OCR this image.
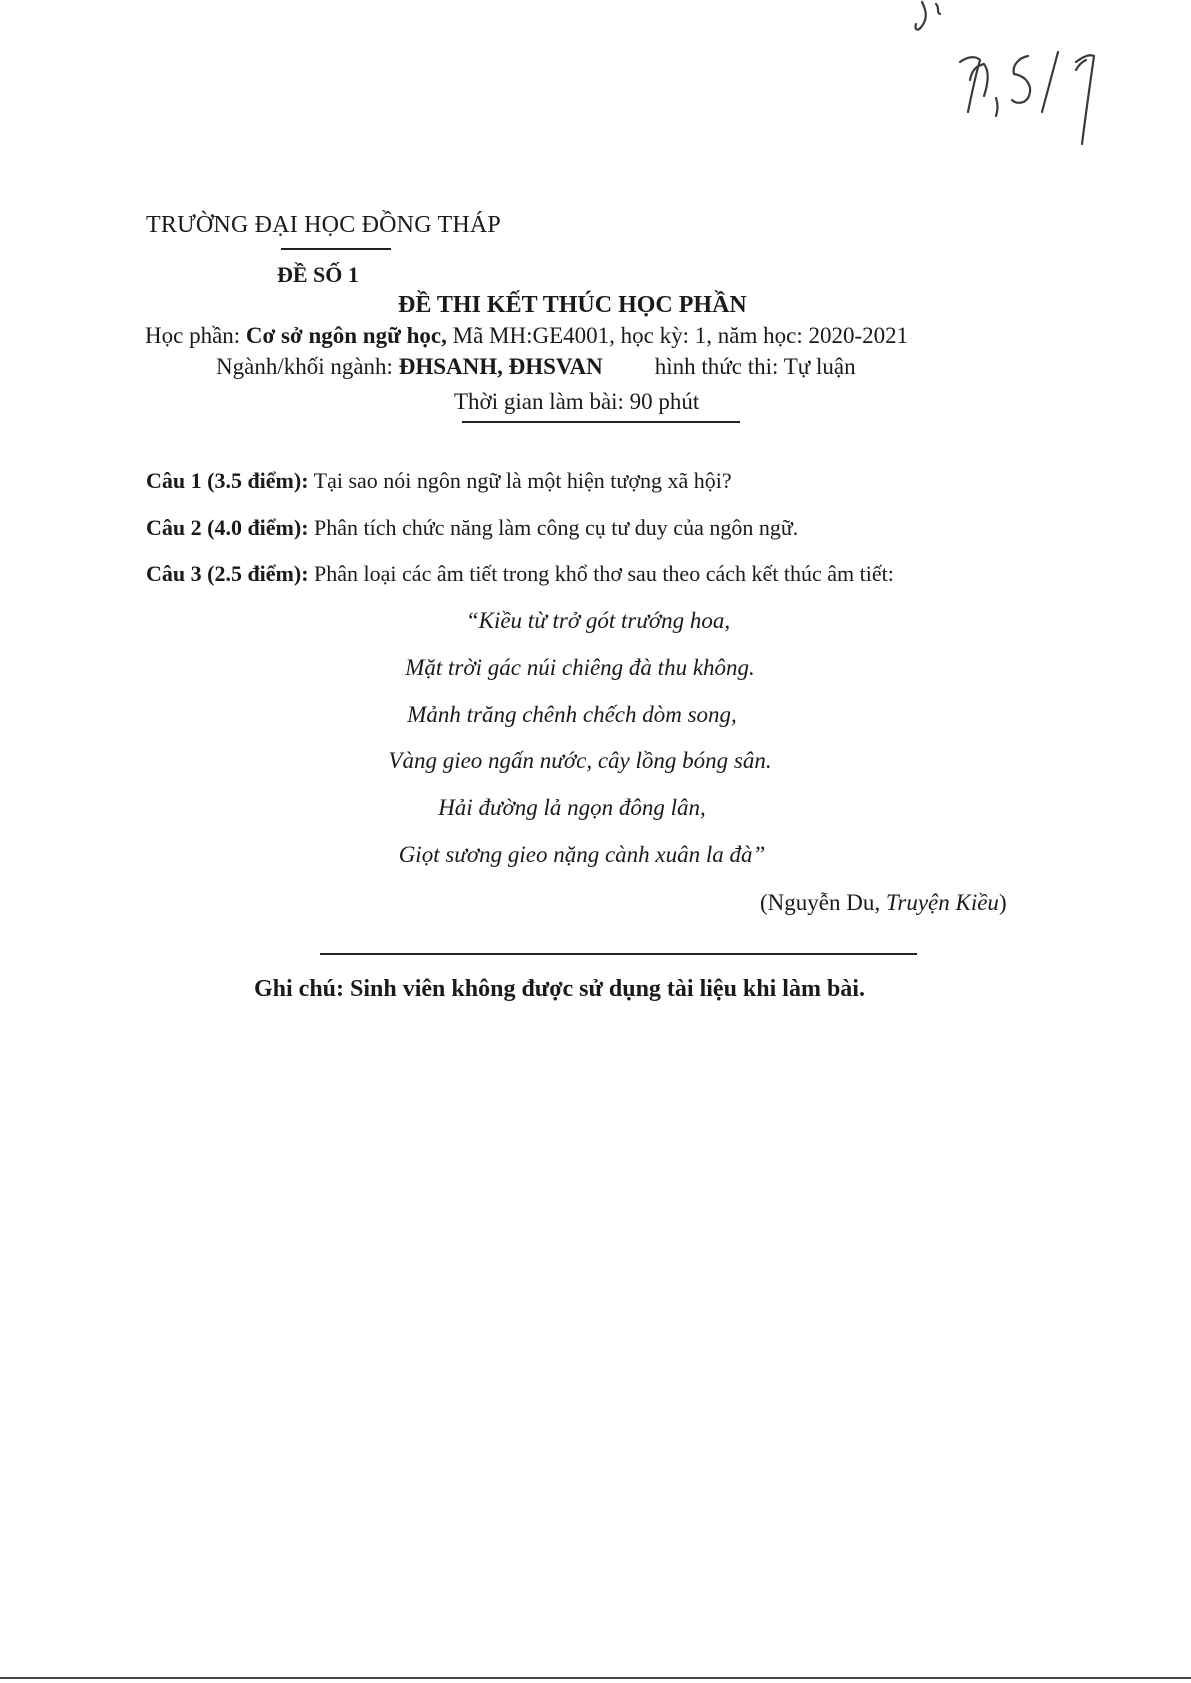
TRƯỜNG ĐẠI HỌC ĐỒNG THÁP
ĐỀ SỐ 1
ĐỀ THI KẾT THÚC HỌC PHẦN
Học phần: Cơ sở ngôn ngữ học, Mã MH:GE4001, học kỳ: 1, năm học: 2020-2021
Ngành/khối ngành: ĐHSANH, ĐHSVAN hình thức thi: Tự luận
Thời gian làm bài: 90 phút
Câu 1 (3.5 điểm): Tại sao nói ngôn ngữ là một hiện tượng xã hội?
Câu 2 (4.0 điểm): Phân tích chức năng làm công cụ tư duy của ngôn ngữ.
Câu 3 (2.5 điểm): Phân loại các âm tiết trong khổ thơ sau theo cách kết thúc âm tiết:
“Kiều từ trở gót trướng hoa,
Mặt trời gác núi chiêng đà thu không.
Mảnh trăng chênh chếch dòm song,
Vàng gieo ngấn nước, cây lồng bóng sân.
Hải đường lả ngọn đông lân,
Giọt sương gieo nặng cành xuân la đà”
(Nguyễn Du, Truyện Kiều)
Ghi chú: Sinh viên không được sử dụng tài liệu khi làm bài.
